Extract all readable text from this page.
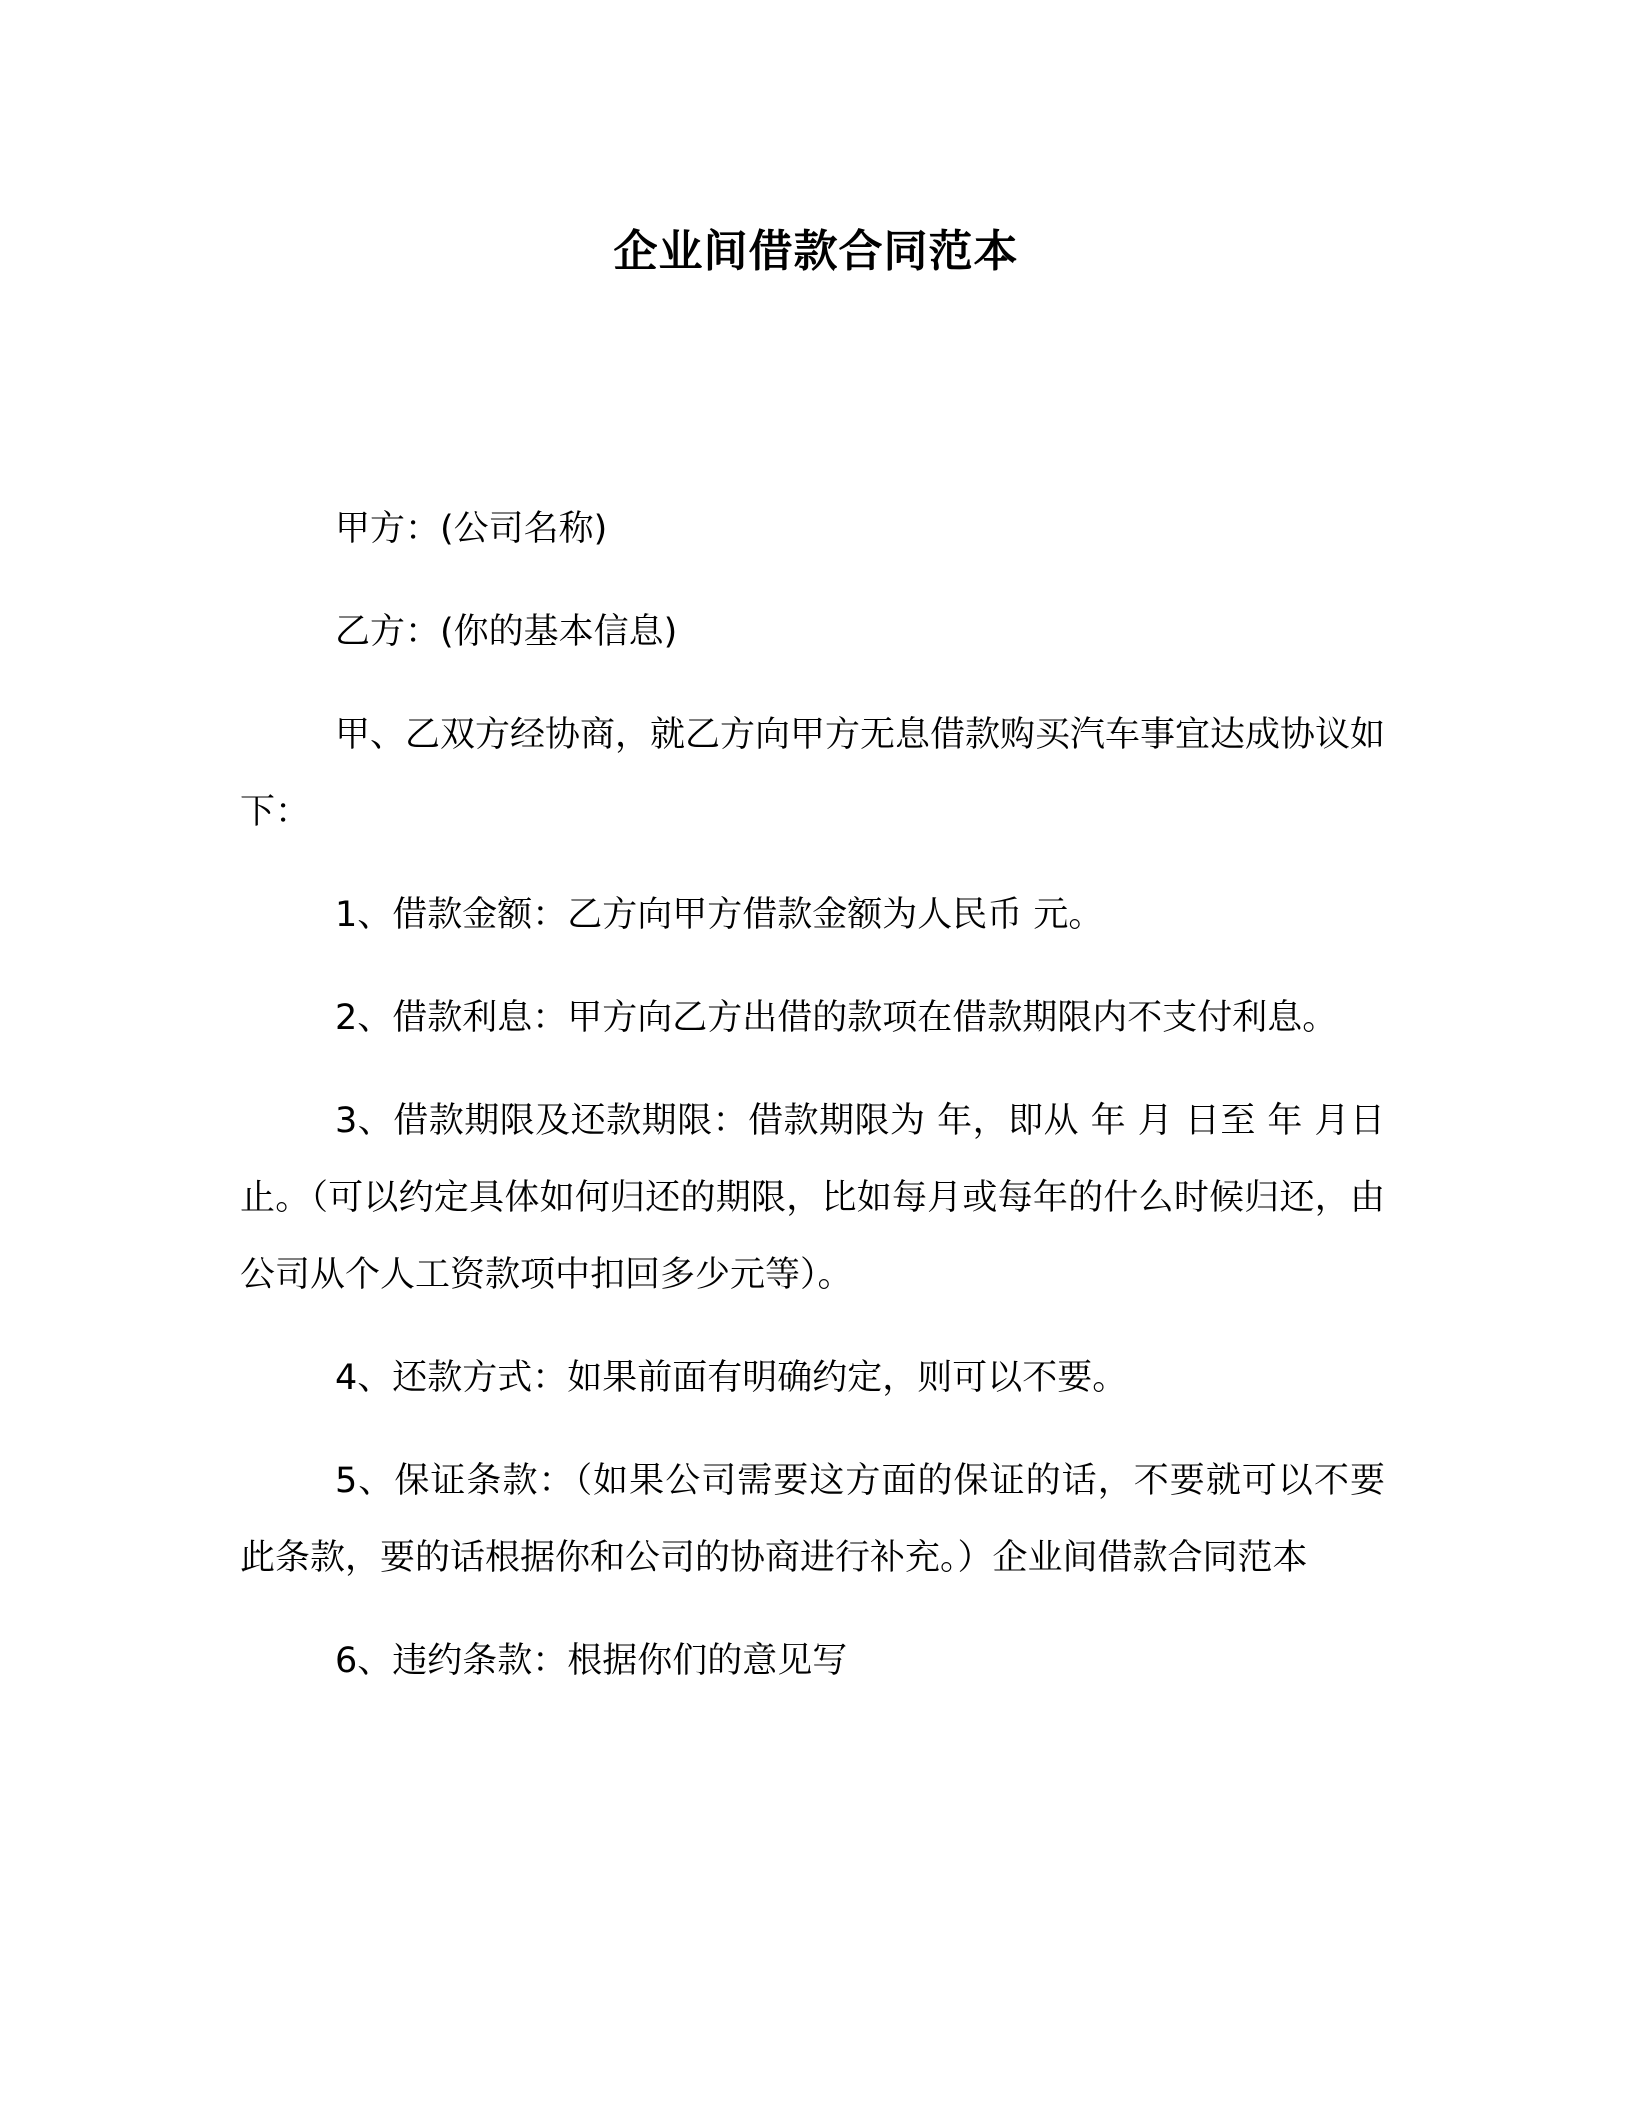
企业间借款合同范本

甲方：(公司名称)

乙方：(你的基本信息)

甲、乙双方经协商，就乙方向甲方无息借款购买汽车事宜达成协议如下：

1、借款金额：乙方向甲方借款金额为人民币 元。

2、借款利息：甲方向乙方出借的款项在借款期限内不支付利息。

3、借款期限及还款期限：借款期限为 年，即从 年 月 日至 年 月日止。（可以约定具体如何归还的期限，比如每月或每年的什么时候归还，由公司从个人工资款项中扣回多少元等）。

4、还款方式：如果前面有明确约定，则可以不要。

5、保证条款：（如果公司需要这方面的保证的话，不要就可以不要此条款，要的话根据你和公司的协商进行补充。）企业间借款合同范本

6、违约条款：根据你们的意见写
